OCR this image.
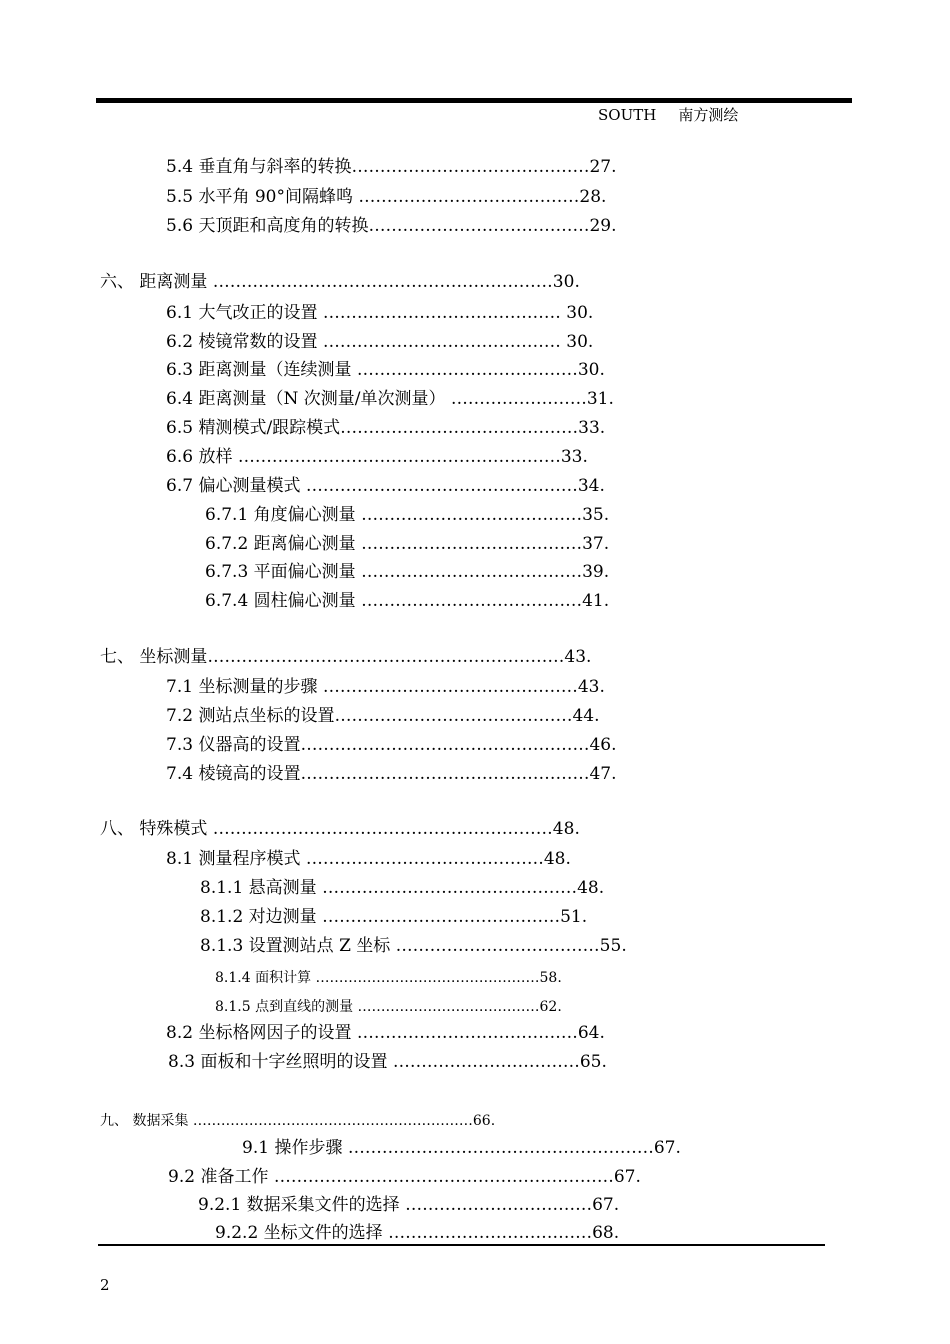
SOUTH 南方测绘
5.4 垂直角与斜率的转换……………………………………27.
5.5 水平角 90°间隔蜂鸣 …………………………………28.
5.6 天顶距和高度角的转换…………………………………29.
六、 距离测量 ……………………………………………………30.
6.1 大气改正的设置 …………………………………… 30.
6.2 棱镜常数的设置 …………………………………… 30.
6.3 距离测量（连续测量 …………………………………30.
6.4 距离测量（N 次测量/单次测量） ……………………31.
6.5 精测模式/跟踪模式……………………………………33.
6.6 放样 …………………………………………………33.
6.7 偏心测量模式 …………………………………………34.
6.7.1 角度偏心测量 …………………………………35.
6.7.2 距离偏心测量 …………………………………37.
6.7.3 平面偏心测量 …………………………………39.
6.7.4 圆柱偏心测量 …………………………………41.
七、 坐标测量………………………………………………………43.
7.1 坐标测量的步骤 ………………………………………43.
7.2 测站点坐标的设置……………………………………44.
7.3 仪器高的设置……………………………………………46.
7.4 棱镜高的设置……………………………………………47.
八、 特殊模式 ……………………………………………………48.
8.1 测量程序模式 ……………………………………48.
8.1.1 悬高测量 ………………………………………48.
8.1.2 对边测量 ……………………………………51.
8.1.3 设置测站点 Z 坐标 ………………………………55.
8.1.4 面积计算 …………………………………………58.
8.1.5 点到直线的测量 …………………………………62.
8.2 坐标格网因子的设置 …………………………………64.
8.3 面板和十字丝照明的设置 ……………………………65.
九、 数据采集 ……………………………………………………66.
9.1 操作步骤 ………………………………………………67.
9.2 准备工作 ……………………………………………………67.
9.2.1 数据采集文件的选择 ……………………………67.
9.2.2 坐标文件的选择 ………………………………68.
2
